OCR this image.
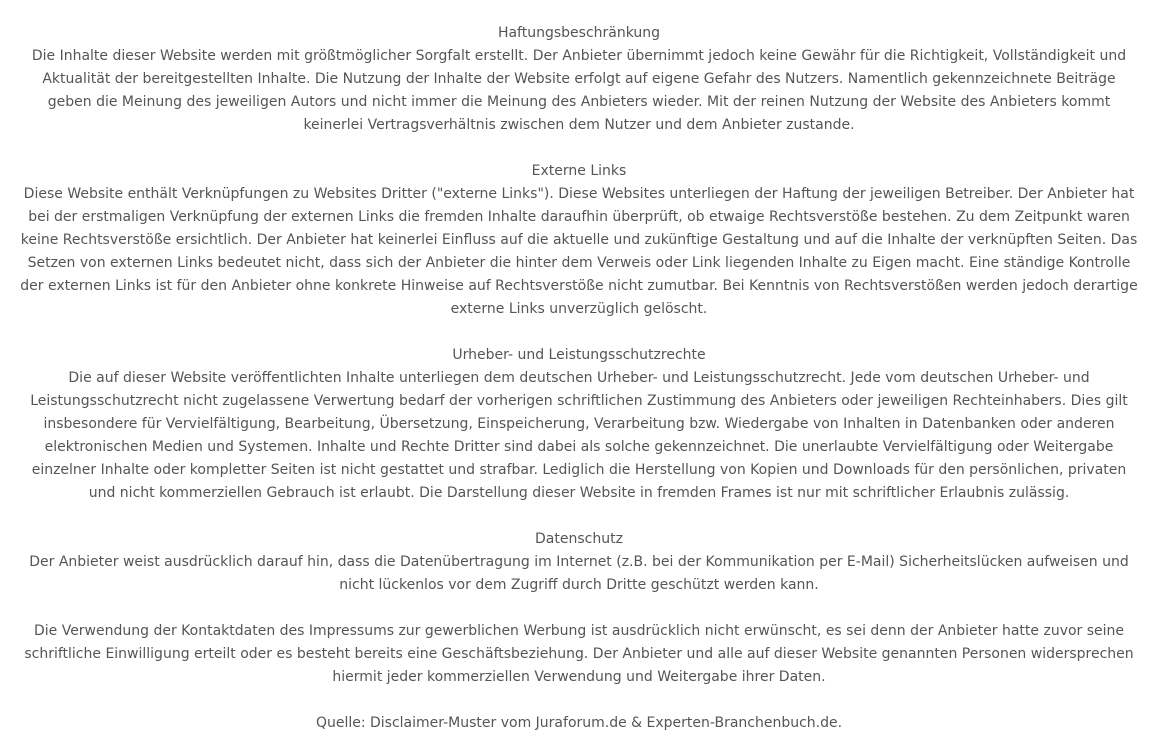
Haftungsbeschränkung

Die Inhalte dieser Website werden mit größtmöglicher Sorgfalt erstellt. Der Anbieter übernimmt jedoch keine Gewähr für die Richtigkeit, Vollständigkeit und Aktualität der bereitgestellten Inhalte. Die Nutzung der Inhalte der Website erfolgt auf eigene Gefahr des Nutzers. Namentlich gekennzeichnete Beiträge geben die Meinung des jeweiligen Autors und nicht immer die Meinung des Anbieters wieder. Mit der reinen Nutzung der Website des Anbieters kommt keinerlei Vertragsverhältnis zwischen dem Nutzer und dem Anbieter zustande.

Externe Links

Diese Website enthält Verknüpfungen zu Websites Dritter ("externe Links"). Diese Websites unterliegen der Haftung der jeweiligen Betreiber. Der Anbieter hat bei der erstmaligen Verknüpfung der externen Links die fremden Inhalte daraufhin überprüft, ob etwaige Rechtsverstöße bestehen. Zu dem Zeitpunkt waren keine Rechtsverstöße ersichtlich. Der Anbieter hat keinerlei Einfluss auf die aktuelle und zukünftige Gestaltung und auf die Inhalte der verknüpften Seiten. Das Setzen von externen Links bedeutet nicht, dass sich der Anbieter die hinter dem Verweis oder Link liegenden Inhalte zu Eigen macht. Eine ständige Kontrolle der externen Links ist für den Anbieter ohne konkrete Hinweise auf Rechtsverstöße nicht zumutbar. Bei Kenntnis von Rechtsverstößen werden jedoch derartige externe Links unverzüglich gelöscht.

Urheber- und Leistungsschutzrechte

Die auf dieser Website veröffentlichten Inhalte unterliegen dem deutschen Urheber- und Leistungsschutzrecht. Jede vom deutschen Urheber- und Leistungsschutzrecht nicht zugelassene Verwertung bedarf der vorherigen schriftlichen Zustimmung des Anbieters oder jeweiligen Rechteinhabers. Dies gilt insbesondere für Vervielfältigung, Bearbeitung, Übersetzung, Einspeicherung, Verarbeitung bzw. Wiedergabe von Inhalten in Datenbanken oder anderen elektronischen Medien und Systemen. Inhalte und Rechte Dritter sind dabei als solche gekennzeichnet. Die unerlaubte Vervielfältigung oder Weitergabe einzelner Inhalte oder kompletter Seiten ist nicht gestattet und strafbar. Lediglich die Herstellung von Kopien und Downloads für den persönlichen, privaten und nicht kommerziellen Gebrauch ist erlaubt. Die Darstellung dieser Website in fremden Frames ist nur mit schriftlicher Erlaubnis zulässig.

Datenschutz

Der Anbieter weist ausdrücklich darauf hin, dass die Datenübertragung im Internet (z.B. bei der Kommunikation per E-Mail) Sicherheitslücken aufweisen und nicht lückenlos vor dem Zugriff durch Dritte geschützt werden kann.

Die Verwendung der Kontaktdaten des Impressums zur gewerblichen Werbung ist ausdrücklich nicht erwünscht, es sei denn der Anbieter hatte zuvor seine schriftliche Einwilligung erteilt oder es besteht bereits eine Geschäftsbeziehung. Der Anbieter und alle auf dieser Website genannten Personen widersprechen hiermit jeder kommerziellen Verwendung und Weitergabe ihrer Daten.

Quelle: Disclaimer-Muster vom Juraforum.de & Experten-Branchenbuch.de.
